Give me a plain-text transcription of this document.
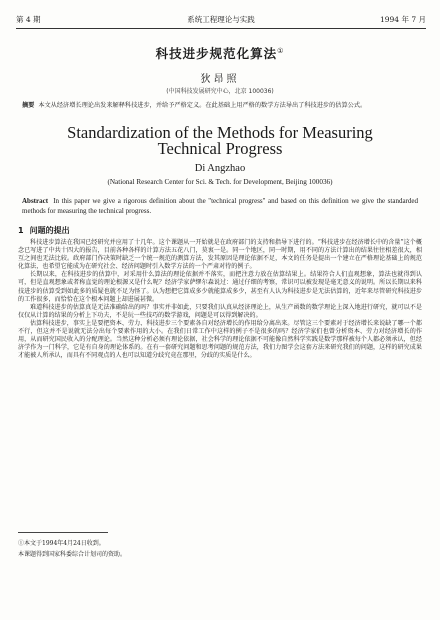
第 4 期	系统工程理论与实践	1994 年 7 月
科技进步规范化算法①
狄昂照
(中国科技发展研究中心，北京 100036)
摘要 本文从经济增长理论出发来解释科技进步，并给予严格定义。在此基础上用严格的数学方法导出了科技进步的估算公式。
Standardization of the Methods for Measuring
Technical Progress
Di Angzhao
(National Research Center for Sci. & Tech. for Development, Beijing 100036)
Abstract In this paper we give a rigorous definition about the "technical progress" and based on this definition we give the standarded methods for measuring the technical progress.
1 问题的提出

科技进步算法在我国已经研究并应用了十几年。这个课题从一开始就是在政府部门的支持和指导下进行的。“科技进步在经济增长中的含量”这个概念已写进了中共十四大的报告，目前各种各样的计算方法五花八门，莫衷一是。同一个地区，同一时期，用不同的方法计算出的结果往往相差很大，相互之间也无法比较。政府部门作决策时缺乏一个统一规范的测算方法，发其原因是理论依据不足，本文的任务是提出一个建立在严格理论基础上的规范化算法，也希望它能成为在研究社会、经济问题时引入数学方法的一个严肃对待的例子。

长期以来，在科技进步的估算中，对采用什么算法的理论依据并不落实，而把注意力放在估算结果上。结果符合人们直观想象，算法也就得到认可，但是直观想象或者称直觉的理论根源又是什么呢？经济学家萨缪尔森说过：通过仔细的考察，常识可以被发现是毫无意义的说明。所以长期以来科技进步的估算受到如此多的质疑也就不足为怪了。认为想把它算成多少就能算成多少，甚至有人认为科技进步是无法估算的，近年来尽管研究科技进步的工作很多，而恰恰在这个根本问题上却进展甚微。

难道科技进步的估算真是无法准确给出的吗？事实并非如此，只要我们认真从经济理论上，从生产函数的数学理论上深入地进行研究，就可以不是仅仅从计算的结果的分析上下功夫，不是玩一些技巧的数学游戏，问题是可以得到解决的。

估算科技进步，事实上是要把资本、劳力、科技进步三个要素各自对经济增长的作用给分离出来。尽管这三个要素对于经济增长来说缺了哪一个都不行，但这并不是说就无法分出每个要素作用的大小。在我们日常工作中这样的例子不是很多的吗？经济学家们也曾分析资本、劳力对经济增长的作用，从而研究国民收入的分配理论。当然这种分析必须有理论依据，社会科学的理论依据不可能像自然科学实践是数学那样被每个人都必须承认，但经济学作为一门科学，它是有自身的理论体系的。在有一套研究问题和思考问题的规范方法，我们力图学会这套方法来研究我们的问题，这样的研究成果才能被人所承认，而具有不同观点的人也可以知道分歧究竟在那里，分歧的实质是什么。

①本文于1994年4月24日收到。
本课题得到国家科委综合计划司的资助。
